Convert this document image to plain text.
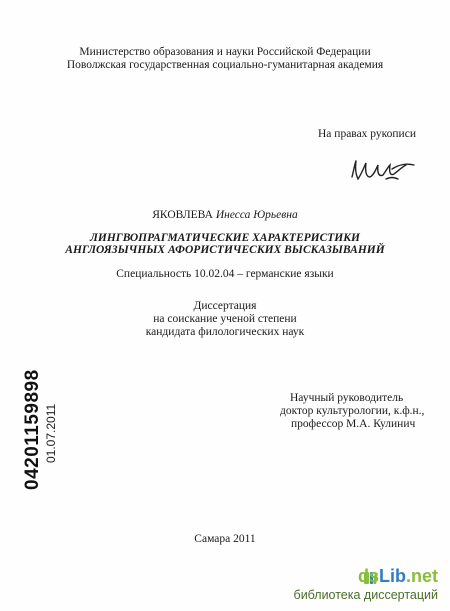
Министерство образования и науки Российской Федерации
Поволжская государственная социально-гуманитарная академия
На правах рукописи
ЯКОВЛЕВА Инесса Юрьевна
ЛИНГВОПРАГМАТИЧЕСКИЕ ХАРАКТЕРИСТИКИ
АНГЛОЯЗЫЧНЫХ АФОРИСТИЧЕСКИХ ВЫСКАЗЫВАНИЙ
Специальность 10.02.04 – германские языки
Диссертация
на соискание ученой степени
кандидата филологических наук
Научный руководитель
доктор культурологии, к.ф.н.,
профессор М.А. Кулинич
Самара 2011
04201159898 01.07.2011
dsLib.net
библиотека диссертаций
